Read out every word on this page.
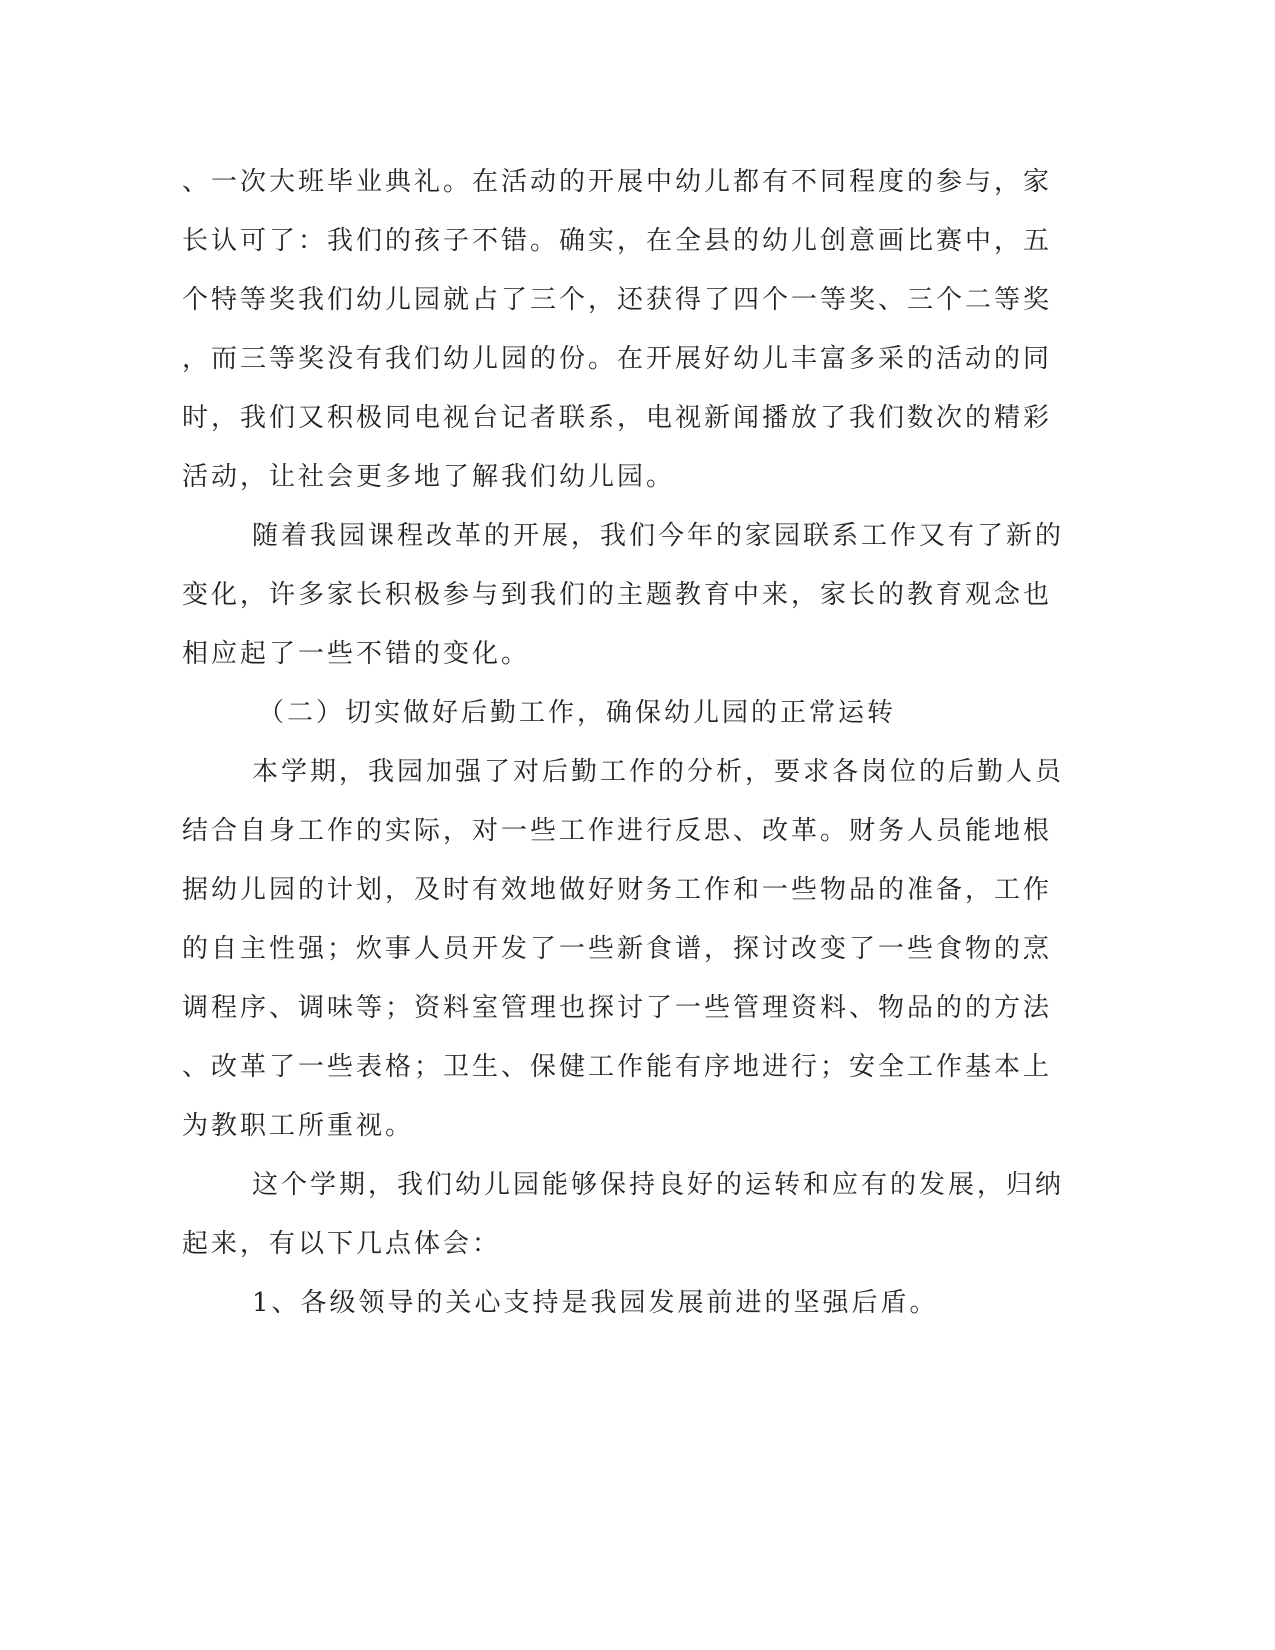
、一次大班毕业典礼。在活动的开展中幼儿都有不同程度的参与，家
长认可了：我们的孩子不错。确实，在全县的幼儿创意画比赛中，五
个特等奖我们幼儿园就占了三个，还获得了四个一等奖、三个二等奖
，而三等奖没有我们幼儿园的份。在开展好幼儿丰富多采的活动的同
时，我们又积极同电视台记者联系，电视新闻播放了我们数次的精彩
活动，让社会更多地了解我们幼儿园。
随着我园课程改革的开展，我们今年的家园联系工作又有了新的
变化，许多家长积极参与到我们的主题教育中来，家长的教育观念也
相应起了一些不错的变化。
（二）切实做好后勤工作，确保幼儿园的正常运转
本学期，我园加强了对后勤工作的分析，要求各岗位的后勤人员
结合自身工作的实际，对一些工作进行反思、改革。财务人员能地根
据幼儿园的计划，及时有效地做好财务工作和一些物品的准备，工作
的自主性强；炊事人员开发了一些新食谱，探讨改变了一些食物的烹
调程序、调味等；资料室管理也探讨了一些管理资料、物品的的方法
、改革了一些表格；卫生、保健工作能有序地进行；安全工作基本上
为教职工所重视。
这个学期，我们幼儿园能够保持良好的运转和应有的发展，归纳
起来，有以下几点体会：
1、各级领导的关心支持是我园发展前进的坚强后盾。
